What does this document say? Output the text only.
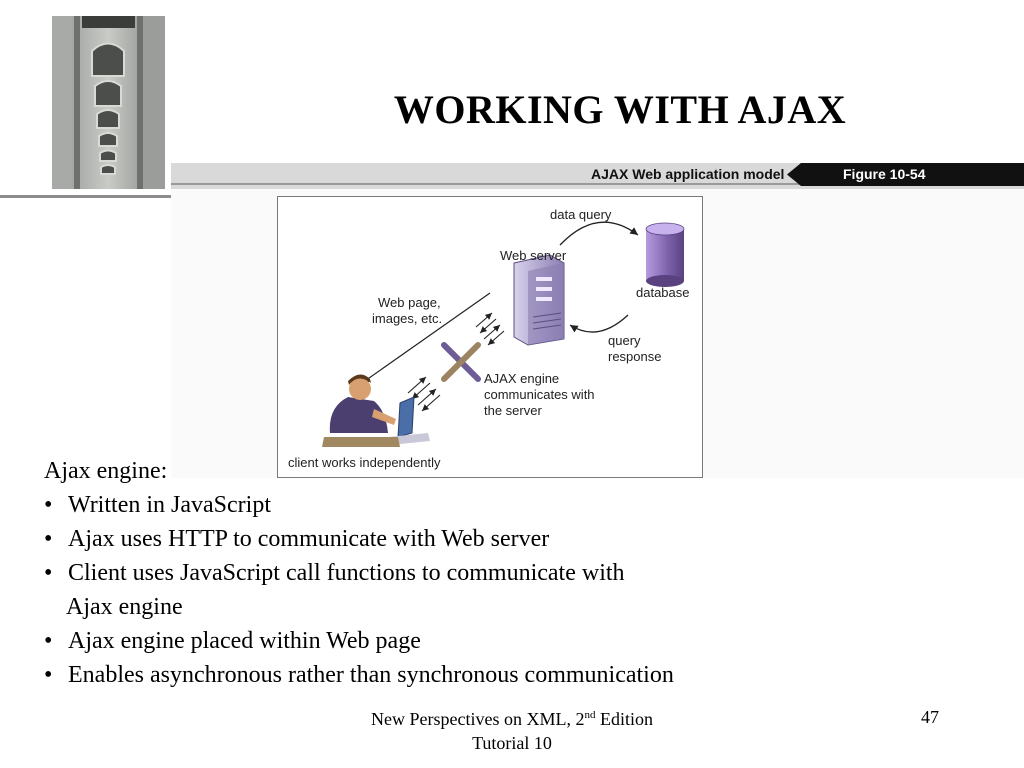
WORKING WITH AJAX
AJAX Web application model	Figure 10-54
data query
Web server
database
Web page,
images, etc.
query
response
AJAX engine
communicates with
the server
client works independently
Ajax engine:
• Written in JavaScript
• Ajax uses HTTP to communicate with Web server
• Client uses JavaScript call functions to communicate with
Ajax engine
• Ajax engine placed within Web page
• Enables asynchronous rather than synchronous communication
New Perspectives on XML, 2nd Edition
Tutorial 10
47
